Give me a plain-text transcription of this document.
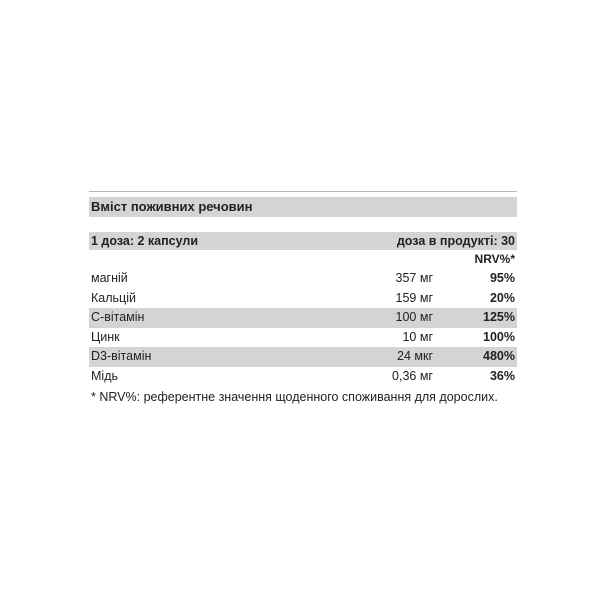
Вміст поживних речовин
1 доза: 2 капсули	доза в продукті: 30
NRV%*
магній	357 мг	95%
Кальцій	159 мг	20%
С-вітамін	100 мг	125%
Цинк	10 мг	100%
D3-вітамін	24 мкг	480%
Мідь	0,36 мг	36%
* NRV%: референтне значення щоденного споживання для дорослих.
